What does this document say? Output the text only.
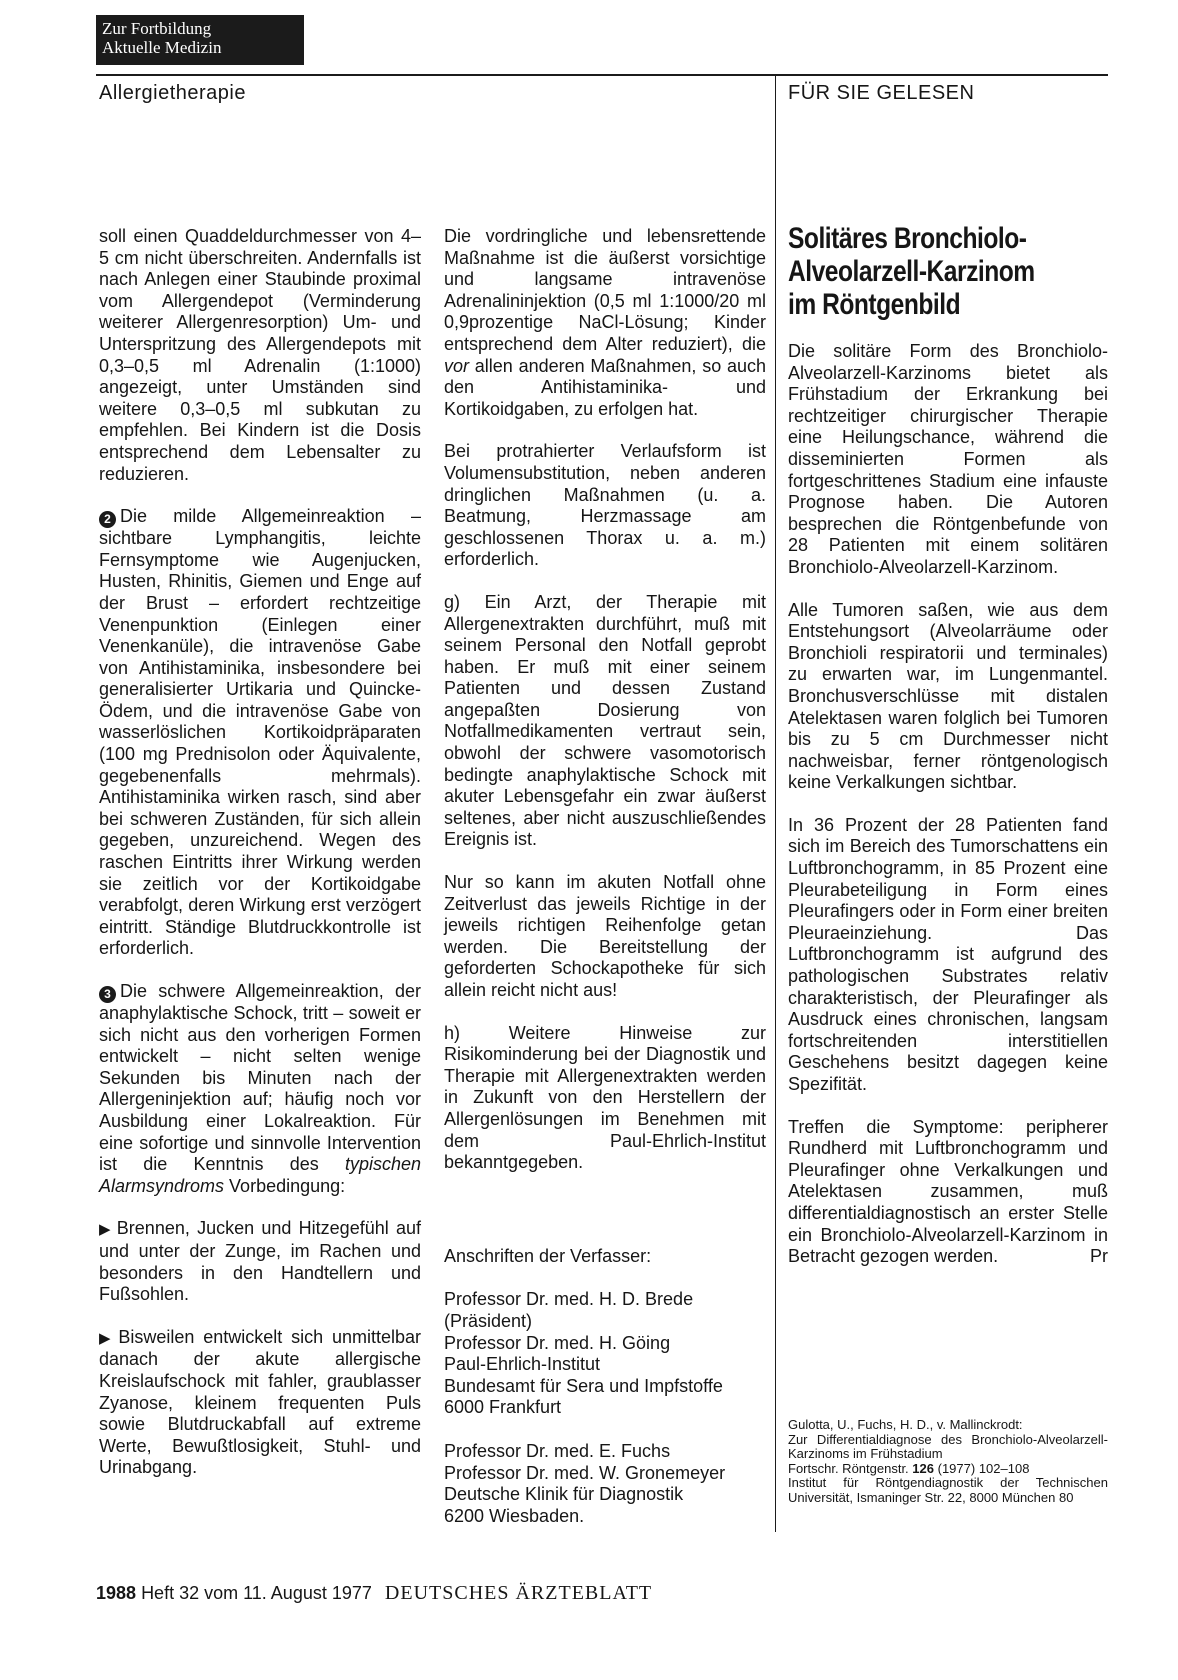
Zur Fortbildung
Aktuelle Medizin
Allergietherapie	FÜR SIE GELESEN

soll einen Quaddeldurchmesser von 4–5 cm nicht überschreiten. Andernfalls ist nach Anlegen einer Staubinde proximal vom Allergendepot (Verminderung weiterer Allergenresorption) Um- und Unterspritzung des Allergendepots mit 0,3–0,5 ml Adrenalin (1:1000) angezeigt, unter Umständen sind weitere 0,3–0,5 ml subkutan zu empfehlen. Bei Kindern ist die Dosis entsprechend dem Lebensalter zu reduzieren.

2 Die milde Allgemeinreaktion – sichtbare Lymphangitis, leichte Fernsymptome wie Augenjucken, Husten, Rhinitis, Giemen und Enge auf der Brust – erfordert rechtzeitige Venenpunktion (Einlegen einer Venenkanüle), die intravenöse Gabe von Antihistaminika, insbesondere bei generalisierter Urtikaria und Quincke-Ödem, und die intravenöse Gabe von wasserlöslichen Kortikoidpräparaten (100 mg Prednisolon oder Äquivalente, gegebenenfalls mehrmals). Antihistaminika wirken rasch, sind aber bei schweren Zuständen, für sich allein gegeben, unzureichend. Wegen des raschen Eintritts ihrer Wirkung werden sie zeitlich vor der Kortikoidgabe verabfolgt, deren Wirkung erst verzögert eintritt. Ständige Blutdruckkontrolle ist erforderlich.

3 Die schwere Allgemeinreaktion, der anaphylaktische Schock, tritt – soweit er sich nicht aus den vorherigen Formen entwickelt – nicht selten wenige Sekunden bis Minuten nach der Allergeninjektion auf; häufig noch vor Ausbildung einer Lokalreaktion. Für eine sofortige und sinnvolle Intervention ist die Kenntnis des typischen Alarmsyndroms Vorbedingung:

▶ Brennen, Jucken und Hitzegefühl auf und unter der Zunge, im Rachen und besonders in den Handtellern und Fußsohlen.

▶ Bisweilen entwickelt sich unmittelbar danach der akute allergische Kreislaufschock mit fahler, graublasser Zyanose, kleinem frequenten Puls sowie Blutdruckabfall auf extreme Werte, Bewußtlosigkeit, Stuhl- und Urinabgang.

Die vordringliche und lebensrettende Maßnahme ist die äußerst vorsichtige und langsame intravenöse Adrenalininjektion (0,5 ml 1:1000/20 ml 0,9prozentige NaCl-Lösung; Kinder entsprechend dem Alter reduziert), die vor allen anderen Maßnahmen, so auch den Antihistaminika- und Kortikoidgaben, zu erfolgen hat.

Bei protrahierter Verlaufsform ist Volumensubstitution, neben anderen dringlichen Maßnahmen (u. a. Beatmung, Herzmassage am geschlossenen Thorax u. a. m.) erforderlich.

g) Ein Arzt, der Therapie mit Allergenextrakten durchführt, muß mit seinem Personal den Notfall geprobt haben. Er muß mit einer seinem Patienten und dessen Zustand angepaßten Dosierung von Notfallmedikamenten vertraut sein, obwohl der schwere vasomotorisch bedingte anaphylaktische Schock mit akuter Lebensgefahr ein zwar äußerst seltenes, aber nicht auszuschließendes Ereignis ist.

Nur so kann im akuten Notfall ohne Zeitverlust das jeweils Richtige in der jeweils richtigen Reihenfolge getan werden. Die Bereitstellung der geforderten Schockapotheke für sich allein reicht nicht aus!

h) Weitere Hinweise zur Risikominderung bei der Diagnostik und Therapie mit Allergenextrakten werden in Zukunft von den Herstellern der Allergenlösungen im Benehmen mit dem Paul-Ehrlich-Institut bekanntgegeben.

Anschriften der Verfasser:

Professor Dr. med. H. D. Brede
(Präsident)
Professor Dr. med. H. Göing
Paul-Ehrlich-Institut
Bundesamt für Sera und Impfstoffe
6000 Frankfurt

Professor Dr. med. E. Fuchs
Professor Dr. med. W. Gronemeyer
Deutsche Klinik für Diagnostik
6200 Wiesbaden.

Solitäres Bronchiolo-
Alveolarzell-Karzinom
im Röntgenbild

Die solitäre Form des Bronchiolo-Alveolarzell-Karzinoms bietet als Frühstadium der Erkrankung bei rechtzeitiger chirurgischer Therapie eine Heilungschance, während die disseminierten Formen als fortgeschrittenes Stadium eine infauste Prognose haben. Die Autoren besprechen die Röntgenbefunde von 28 Patienten mit einem solitären Bronchiolo-Alveolarzell-Karzinom.

Alle Tumoren saßen, wie aus dem Entstehungsort (Alveolarräume oder Bronchioli respiratorii und terminales) zu erwarten war, im Lungenmantel. Bronchusverschlüsse mit distalen Atelektasen waren folglich bei Tumoren bis zu 5 cm Durchmesser nicht nachweisbar, ferner röntgenologisch keine Verkalkungen sichtbar.

In 36 Prozent der 28 Patienten fand sich im Bereich des Tumorschattens ein Luftbronchogramm, in 85 Prozent eine Pleurabeteiligung in Form eines Pleurafingers oder in Form einer breiten Pleuraeinziehung. Das Luftbronchogramm ist aufgrund des pathologischen Substrates relativ charakteristisch, der Pleurafinger als Ausdruck eines chronischen, langsam fortschreitenden interstitiellen Geschehens besitzt dagegen keine Spezifität.

Treffen die Symptome: peripherer Rundherd mit Luftbronchogramm und Pleurafinger ohne Verkalkungen und Atelektasen zusammen, muß differentialdiagnostisch an erster Stelle ein Bronchiolo-Alveolarzell-Karzinom in Betracht gezogen werden.	Pr

Gulotta, U., Fuchs, H. D., v. Mallinckrodt:
Zur Differentialdiagnose des Bronchiolo-Alveolarzell-Karzinoms im Frühstadium
Fortschr. Röntgenstr. 126 (1977) 102–108
Institut für Röntgendiagnostik der Technischen Universität, Ismaninger Str. 22, 8000 München 80
1988 Heft 32 vom 11. August 1977 DEUTSCHES ÄRZTEBLATT
